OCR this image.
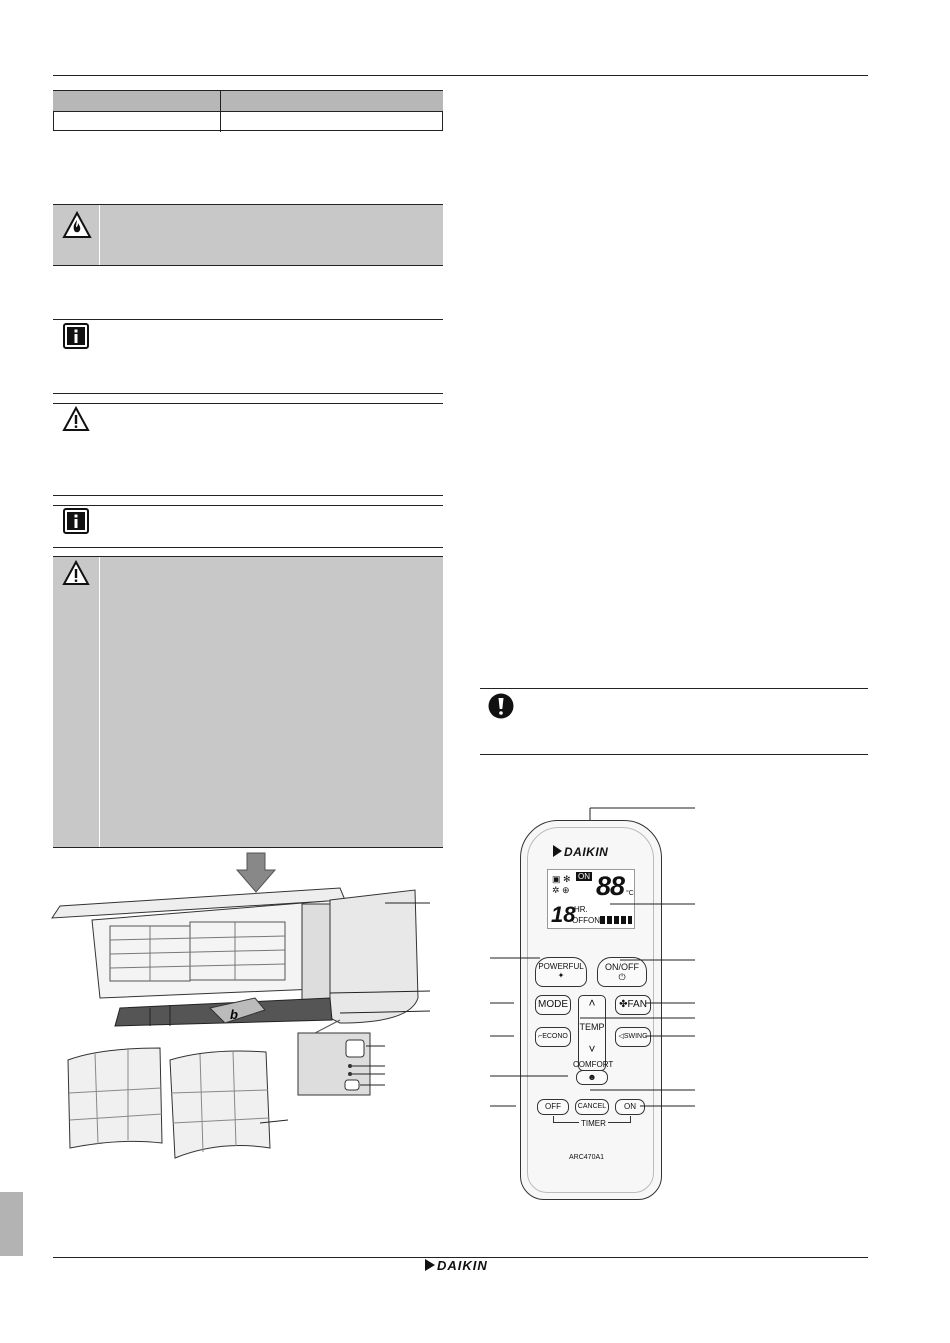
b
DAIKIN
ON 88 °C
▣ ✻
✲ ⊕
18
HR.
OFFON
POWERFUL
✦
ON/OFF
⏻
MODE	˄
TEMP
˅
✤FAN
⌐ECONO	◁SWING
COMFORT
☻
OFF	CANCEL	ON
TIMER
ARC470A1
DAIKIN
